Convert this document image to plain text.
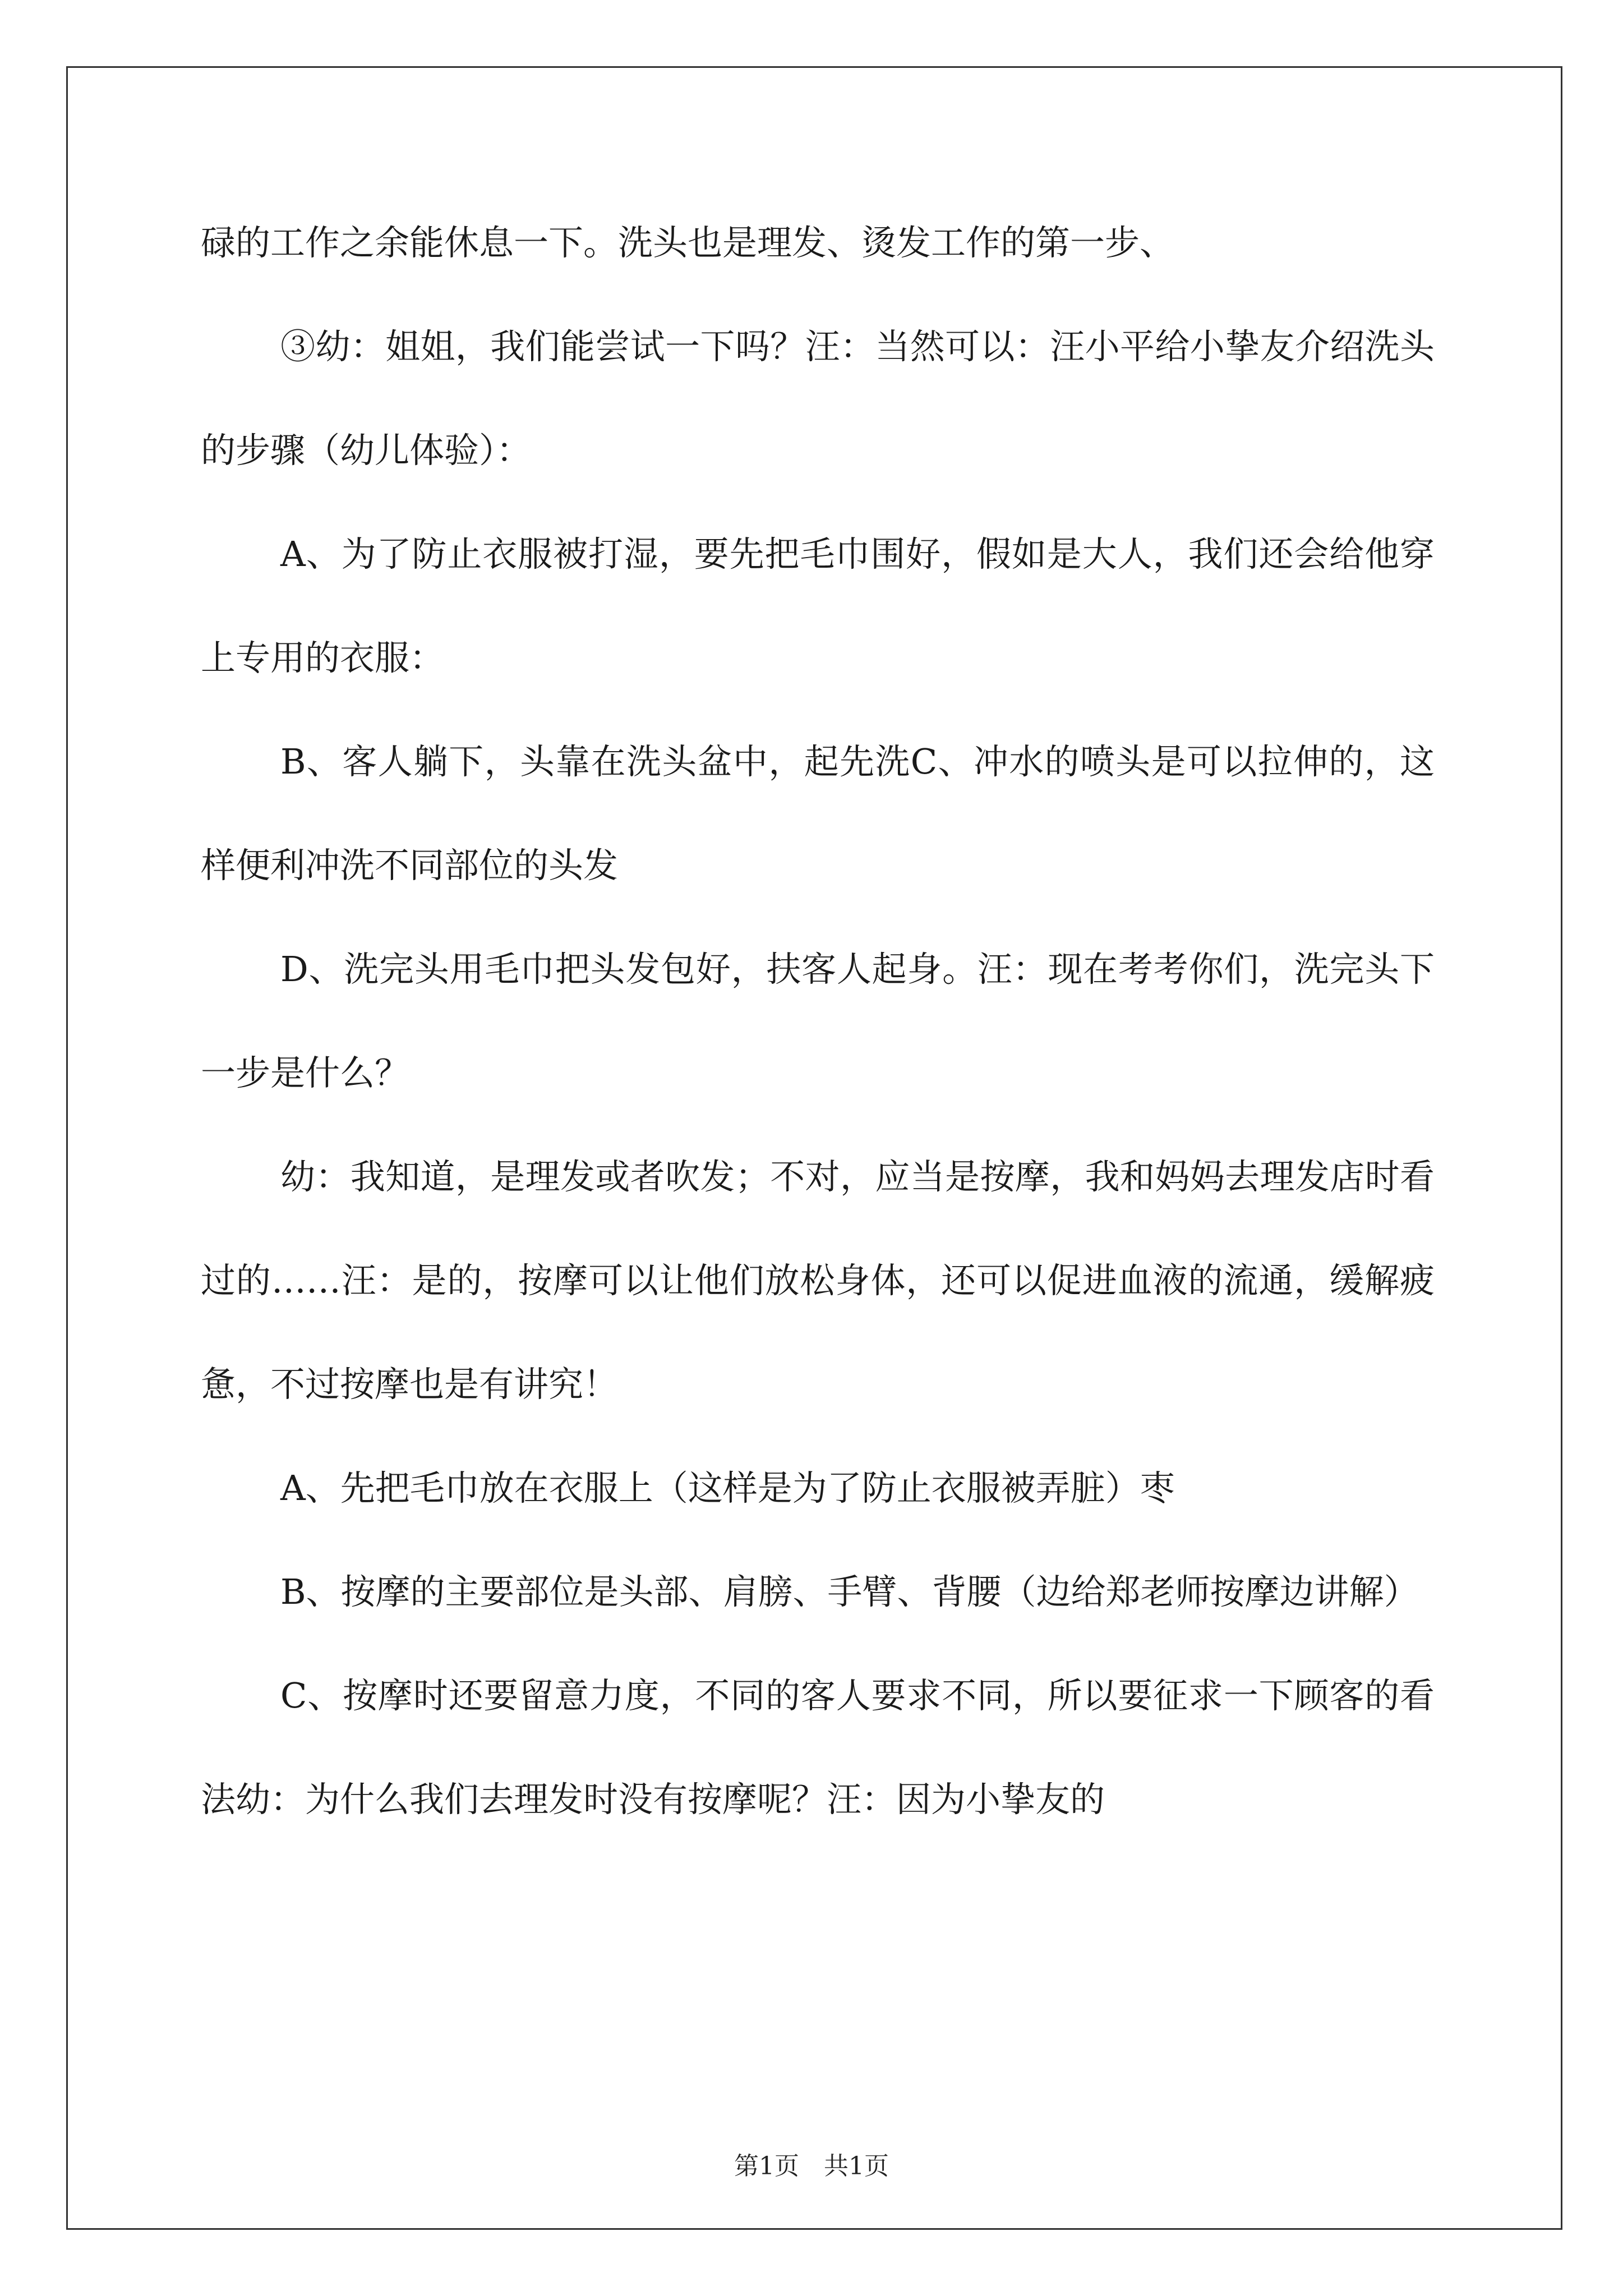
碌的工作之余能休息一下。洗头也是理发、烫发工作的第一步、

③幼：姐姐，我们能尝试一下吗？汪：当然可以：汪小平给小挚友介绍洗头的步骤（幼儿体验）：

A、为了防止衣服被打湿，要先把毛巾围好，假如是大人，我们还会给他穿上专用的衣服：

B、客人躺下，头靠在洗头盆中，起先洗C、冲水的喷头是可以拉伸的，这样便利冲洗不同部位的头发

D、洗完头用毛巾把头发包好，扶客人起身。汪：现在考考你们，洗完头下一步是什么？

幼：我知道，是理发或者吹发；不对，应当是按摩，我和妈妈去理发店时看过的……汪：是的，按摩可以让他们放松身体，还可以促进血液的流通，缓解疲惫，不过按摩也是有讲究！

A、先把毛巾放在衣服上（这样是为了防止衣服被弄脏）枣

B、按摩的主要部位是头部、肩膀、手臂、背腰（边给郑老师按摩边讲解）

C、按摩时还要留意力度，不同的客人要求不同，所以要征求一下顾客的看法幼：为什么我们去理发时没有按摩呢？汪：因为小挚友的

第1页　共1页
